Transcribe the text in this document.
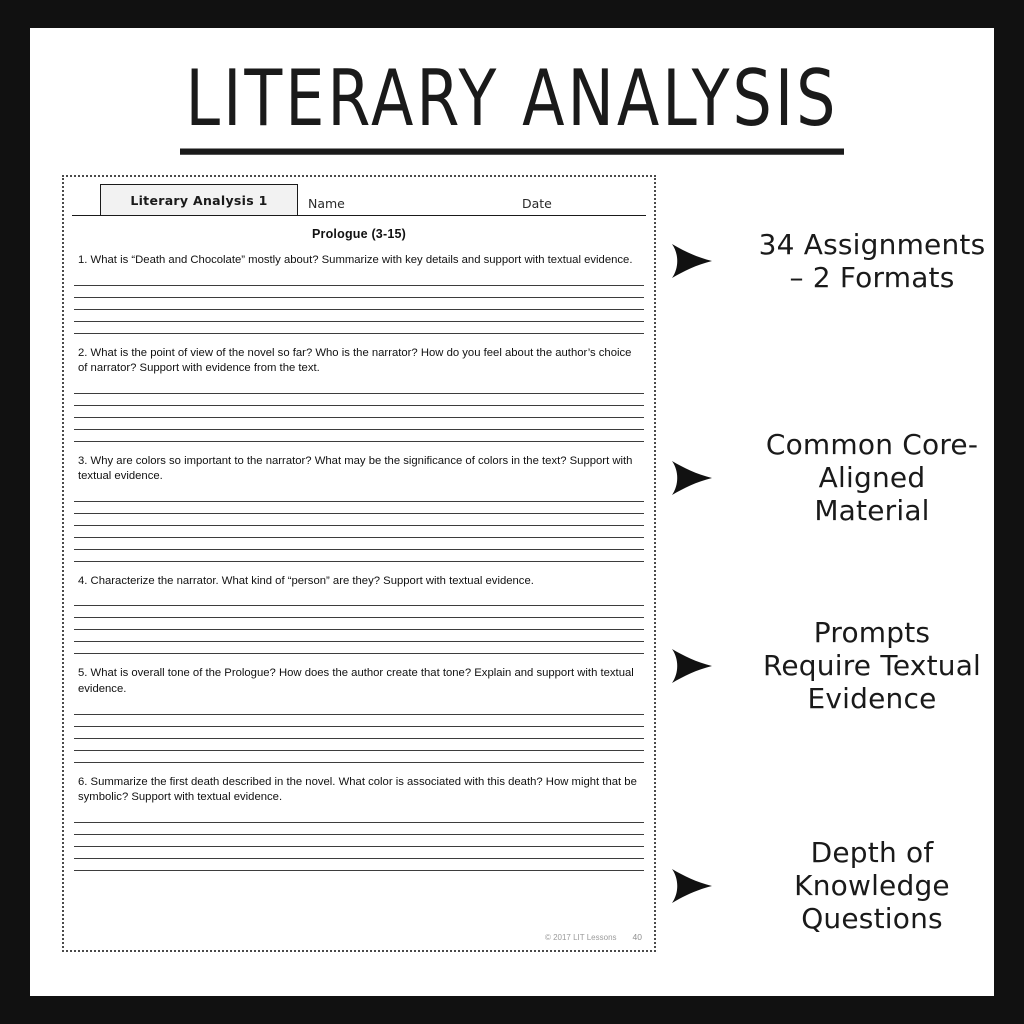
LITERARY ANALYSIS
Literary Analysis 1	Name	Date
Prologue (3-15)
1. What is “Death and Chocolate” mostly about? Summarize with key details and support with textual evidence.
2. What is the point of view of the novel so far? Who is the narrator? How do you feel about the author’s choice of narrator? Support with evidence from the text.
3. Why are colors so important to the narrator? What may be the significance of colors in the text? Support with textual evidence.
4. Characterize the narrator. What kind of “person” are they? Support with textual evidence.
5. What is overall tone of the Prologue? How does the author create that tone? Explain and support with textual evidence.
6. Summarize the first death described in the novel. What color is associated with this death? How might that be symbolic? Support with textual evidence.
© 2017 LIT Lessons 40
34 Assignments
– 2 Formats
Common Core-
Aligned
Material
Prompts
Require Textual
Evidence
Depth of
Knowledge
Questions
